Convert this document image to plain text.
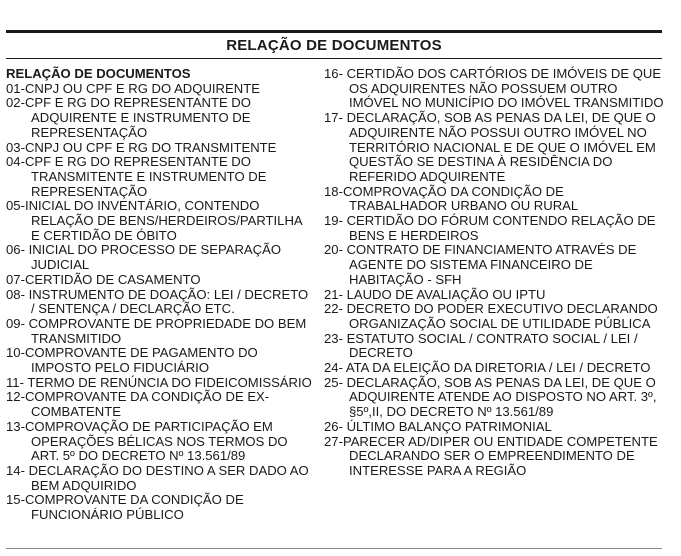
RELAÇÃO DE DOCUMENTOS
RELAÇÃO DE DOCUMENTOS
01-CNPJ OU CPF E RG DO ADQUIRENTE
02-CPF E RG DO REPRESENTANTE DO ADQUIRENTE E INSTRUMENTO DE REPRESENTAÇÃO
03-CNPJ OU CPF E RG DO TRANSMITENTE
04-CPF E RG DO REPRESENTANTE DO TRANSMITENTE E INSTRUMENTO DE REPRESENTAÇÃO
05-INICIAL DO INVENTÁRIO, CONTENDO RELAÇÃO DE BENS/HERDEIROS/PARTILHA E CERTIDÃO DE ÓBITO
06- INICIAL DO PROCESSO DE SEPARAÇÃO JUDICIAL
07-CERTIDÃO DE CASAMENTO
08- INSTRUMENTO DE DOAÇÃO: LEI / DECRETO / SENTENÇA / DECLARÇÃO ETC.
09- COMPROVANTE DE PROPRIEDADE DO BEM TRANSMITIDO
10-COMPROVANTE DE PAGAMENTO DO IMPOSTO PELO FIDUCIÁRIO
11- TERMO DE RENÚNCIA DO FIDEICOMISSÁRIO
12-COMPROVANTE DA CONDIÇÃO DE EX-COMBATENTE
13-COMPROVAÇÃO DE PARTICIPAÇÃO EM OPERAÇÕES BÉLICAS NOS TERMOS DO ART. 5º DO DECRETO Nº 13.561/89
14- DECLARAÇÃO DO DESTINO A SER DADO AO BEM ADQUIRIDO
15-COMPROVANTE DA CONDIÇÃO DE FUNCIONÁRIO PÚBLICO
16- CERTIDÃO DOS CARTÓRIOS DE IMÓVEIS DE QUE OS ADQUIRENTES NÃO POSSUEM OUTRO IMÓVEL NO MUNICÍPIO DO IMÓVEL TRANSMITIDO
17- DECLARAÇÃO, SOB AS PENAS DA LEI, DE QUE O ADQUIRENTE NÃO POSSUI OUTRO IMÓVEL NO TERRITÓRIO NACIONAL E DE QUE O IMÓVEL EM QUESTÃO SE DESTINA À RESIDÊNCIA DO REFERIDO ADQUIRENTE
18-COMPROVAÇÃO DA CONDIÇÃO DE TRABALHADOR URBANO OU RURAL
19- CERTIDÃO DO FÓRUM CONTENDO RELAÇÃO DE BENS E HERDEIROS
20- CONTRATO DE FINANCIAMENTO ATRAVÉS DE AGENTE DO SISTEMA FINANCEIRO DE HABITAÇÃO - SFH
21- LAUDO DE AVALIAÇÃO OU IPTU
22- DECRETO DO PODER EXECUTIVO DECLARANDO ORGANIZAÇÃO SOCIAL DE UTILIDADE PÚBLICA
23- ESTATUTO SOCIAL / CONTRATO SOCIAL / LEI / DECRETO
24- ATA DA ELEIÇÃO DA DIRETORIA / LEI / DECRETO
25- DECLARAÇÃO, SOB AS PENAS DA LEI, DE QUE O ADQUIRENTE ATENDE AO DISPOSTO NO ART. 3º, §5º,II, DO DECRETO Nº 13.561/89
26- ÚLTIMO BALANÇO PATRIMONIAL
27-PARECER AD/DIPER OU ENTIDADE COMPETENTE DECLARANDO SER O EMPREENDIMENTO DE INTERESSE PARA A REGIÃO
